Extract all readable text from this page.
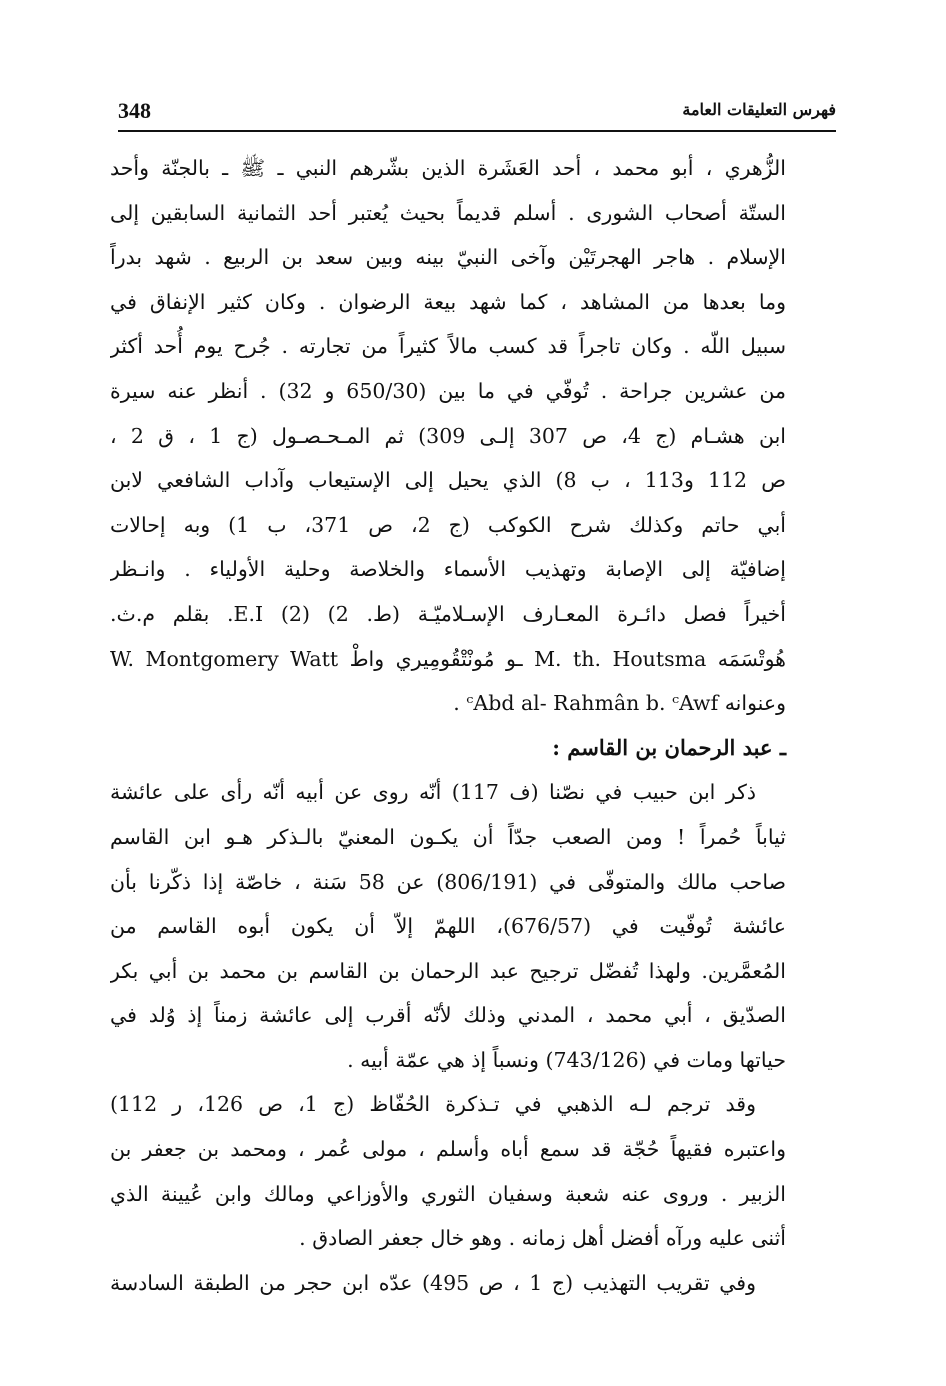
348	فهرس التعليقات العامة

الزُّهري ، أبو محمد ، أحد العَشَرة الذين بشّرهم النبي ـ ﷺ ـ بالجنّة وأحد
الستّة أصحاب الشورى . أسلم قديماً بحيث يُعتبر أحد الثمانية السابقين إلى
الإسلام . هاجر الهجرتَيْن وآخى النبيّ بينه وبين سعد بن الربيع . شهد بدراً
وما بعدها من المشاهد ، كما شهد بيعة الرضوان . وكان كثير الإنفاق في
سبيل اللّه . وكان تاجراً قد كسب مالاً كثيراً من تجارته . جُرح يوم أُحد أكثر
من عشرين جراحة . تُوفّي في ما بين (650/30 و 32) . أنظر عنه سيرة
ابن هشـام (ج 4، ص 307 إلـى 309) ثم المـحـصـول (ج 1 ، ق 2 ،
ص 112 و113 ، ب 8) الذي يحيل إلى الإستيعاب وآداب الشافعي لابن
أبي حاتم وكذلك شرح الكوكب (ج 2، ص 371، ب 1) وبه إحالات
إضافيّة إلى الإصابة وتهذيب الأسماء والخلاصة وحلية الأولياء . وانـظر
أخيراً فصل دائـرة المعـارف الإسـلاميّـة (ط. 2) (2) E.I. بقلم م.ث.
هُوتْسَمَه M. th. Houtsma ـو مُونْتْقُومِيري واطْ W. Montgomery Watt
وعنوانه ᶜAbd al- Rahmân b. ᶜAwf .

ـ عبد الرحمان بن القاسم :

ذكر ابن حبيب في نصّنا (ف 117) أنّه روى عن أبيه أنّه رأى على عائشة

ثياباً حُمراً ! ومن الصعب جدّاً أن يكـون المعنيّ بالـذكر هـو ابن القاسم
صاحب مالك والمتوفّى في (806/191) عن 58 سَنة ، خاصّة إذا ذكّرنا بأن
عائشة تُوفّيت في (676/57)، اللهمّ إلاّ أن يكون أبوه القاسم من
المُعمَّرين. ولهذا تُفضّل ترجيح عبد الرحمان بن القاسم بن محمد بن أبي بكر
الصدّيق ، أبي محمد ، المدني وذلك لأنّه أقرب إلى عائشة زمناً إذ وُلد في
حياتها ومات في (743/126) ونسباً إذ هي عمّة أبيه .

وقد ترجم لـه الذهبي في تـذكرة الحُفّاظ (ج 1، ص 126، ر 112)

واعتبره فقيهاً حُجّة قد سمع أباه وأسلم ، مولى عُمر ، ومحمد بن جعفر بن
الزبير . وروى عنه شعبة وسفيان الثوري والأوزاعي ومالك وابن عُيينة الذي
أثنى عليه ورآه أفضل أهل زمانه . وهو خال جعفر الصادق .

وفي تقريب التهذيب (ج 1 ، ص 495) عدّه ابن حجر من الطبقة السادسة
